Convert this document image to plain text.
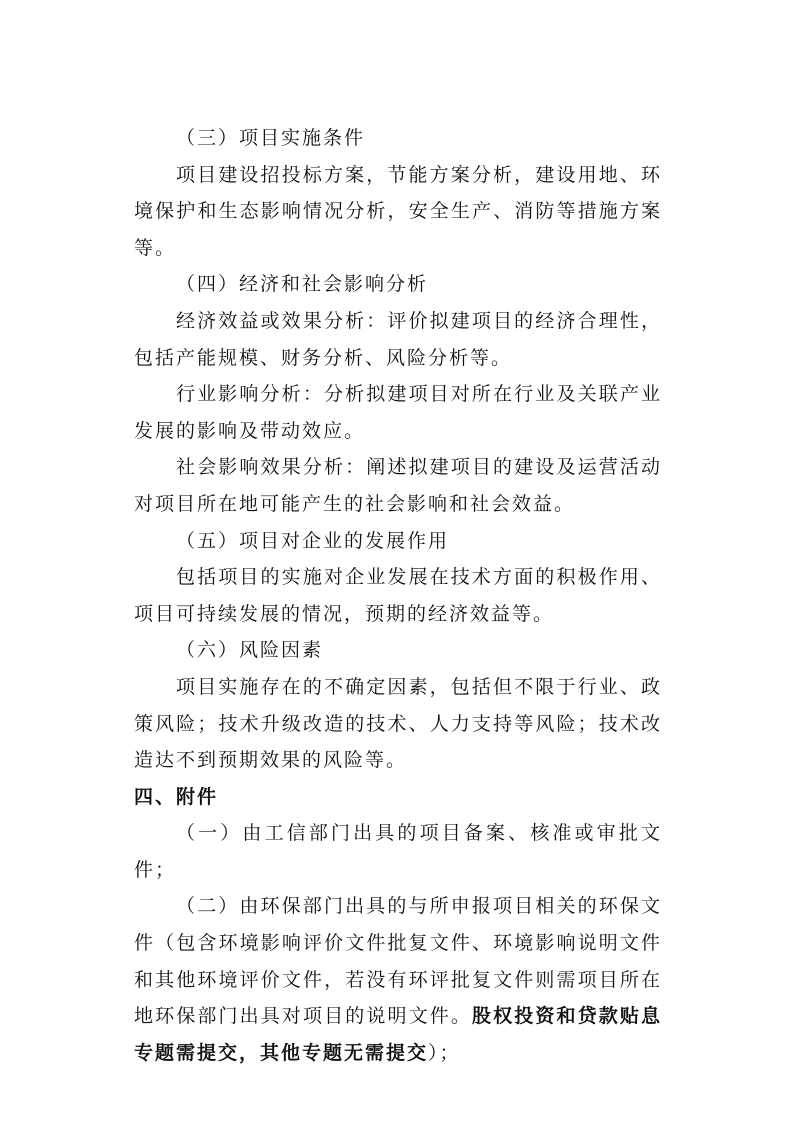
（三）项目实施条件

项目建设招投标方案，节能方案分析，建设用地、环境保护和生态影响情况分析，安全生产、消防等措施方案等。

（四）经济和社会影响分析

经济效益或效果分析：评价拟建项目的经济合理性，包括产能规模、财务分析、风险分析等。

行业影响分析：分析拟建项目对所在行业及关联产业发展的影响及带动效应。

社会影响效果分析：阐述拟建项目的建设及运营活动对项目所在地可能产生的社会影响和社会效益。

（五）项目对企业的发展作用

包括项目的实施对企业发展在技术方面的积极作用、项目可持续发展的情况，预期的经济效益等。

（六）风险因素

项目实施存在的不确定因素，包括但不限于行业、政策风险；技术升级改造的技术、人力支持等风险；技术改造达不到预期效果的风险等。

四、附件

（一）由工信部门出具的项目备案、核准或审批文件；

（二）由环保部门出具的与所申报项目相关的环保文件（包含环境影响评价文件批复文件、环境影响说明文件和其他环境评价文件，若没有环评批复文件则需项目所在地环保部门出具对项目的说明文件。股权投资和贷款贴息专题需提交，其他专题无需提交）；
